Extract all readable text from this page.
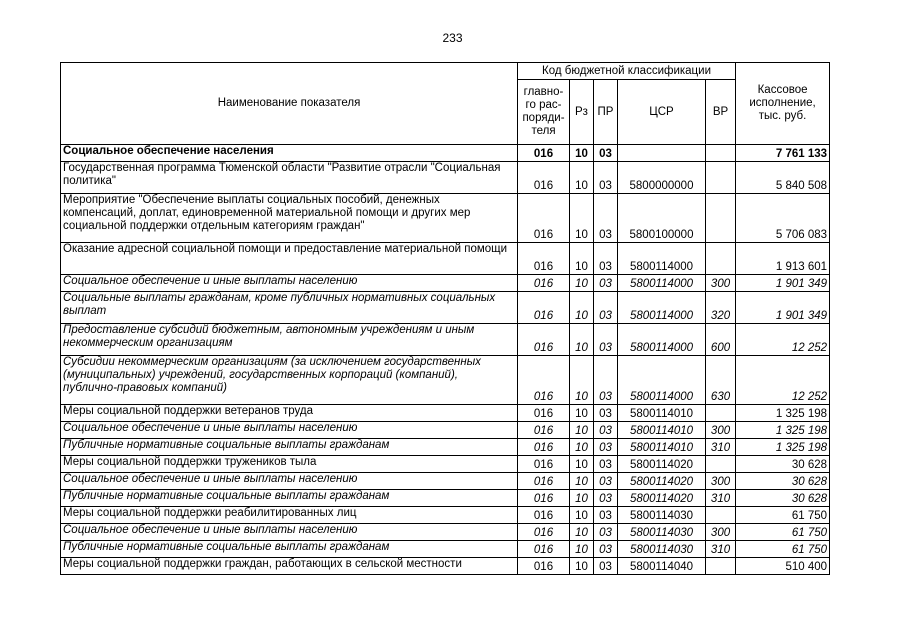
233
Наименование показателя	Код бюджетной классификации					Кассовое
исполнение,
тыс. руб.
	главно-
го рас-
поряди-
теля	Рз	ПР	ЦСР	ВР	
Социальное обеспечение населения	016	10	03			7 761 133
Государственная программа Тюменской области "Развитие отрасли "Социальная политика"	016	10	03	5800000000		5 840 508
Мероприятие "Обеспечение выплаты социальных пособий, денежных компенсаций, доплат, единовременной материальной помощи и других мер социальной поддержки отдельным категориям граждан"	016	10	03	5800100000		5 706 083
Оказание адресной социальной помощи и предоставление материальной помощи	016	10	03	5800114000		1 913 601
Социальное обеспечение и иные выплаты населению	016	10	03	5800114000	300	1 901 349
Социальные выплаты гражданам, кроме публичных нормативных социальных выплат	016	10	03	5800114000	320	1 901 349
Предоставление субсидий бюджетным, автономным учреждениям и иным некоммерческим организациям	016	10	03	5800114000	600	12 252
Субсидии некоммерческим организациям (за исключением государственных (муниципальных) учреждений, государственных корпораций (компаний), публично-правовых компаний)	016	10	03	5800114000	630	12 252
Меры социальной поддержки ветеранов труда	016	10	03	5800114010		1 325 198
Социальное обеспечение и иные выплаты населению	016	10	03	5800114010	300	1 325 198
Публичные нормативные социальные выплаты гражданам	016	10	03	5800114010	310	1 325 198
Меры социальной поддержки тружеников тыла	016	10	03	5800114020		30 628
Социальное обеспечение и иные выплаты населению	016	10	03	5800114020	300	30 628
Публичные нормативные социальные выплаты гражданам	016	10	03	5800114020	310	30 628
Меры социальной поддержки реабилитированных лиц	016	10	03	5800114030		61 750
Социальное обеспечение и иные выплаты населению	016	10	03	5800114030	300	61 750
Публичные нормативные социальные выплаты гражданам	016	10	03	5800114030	310	61 750
Меры социальной поддержки граждан, работающих в сельской местности	016	10	03	5800114040		510 400
